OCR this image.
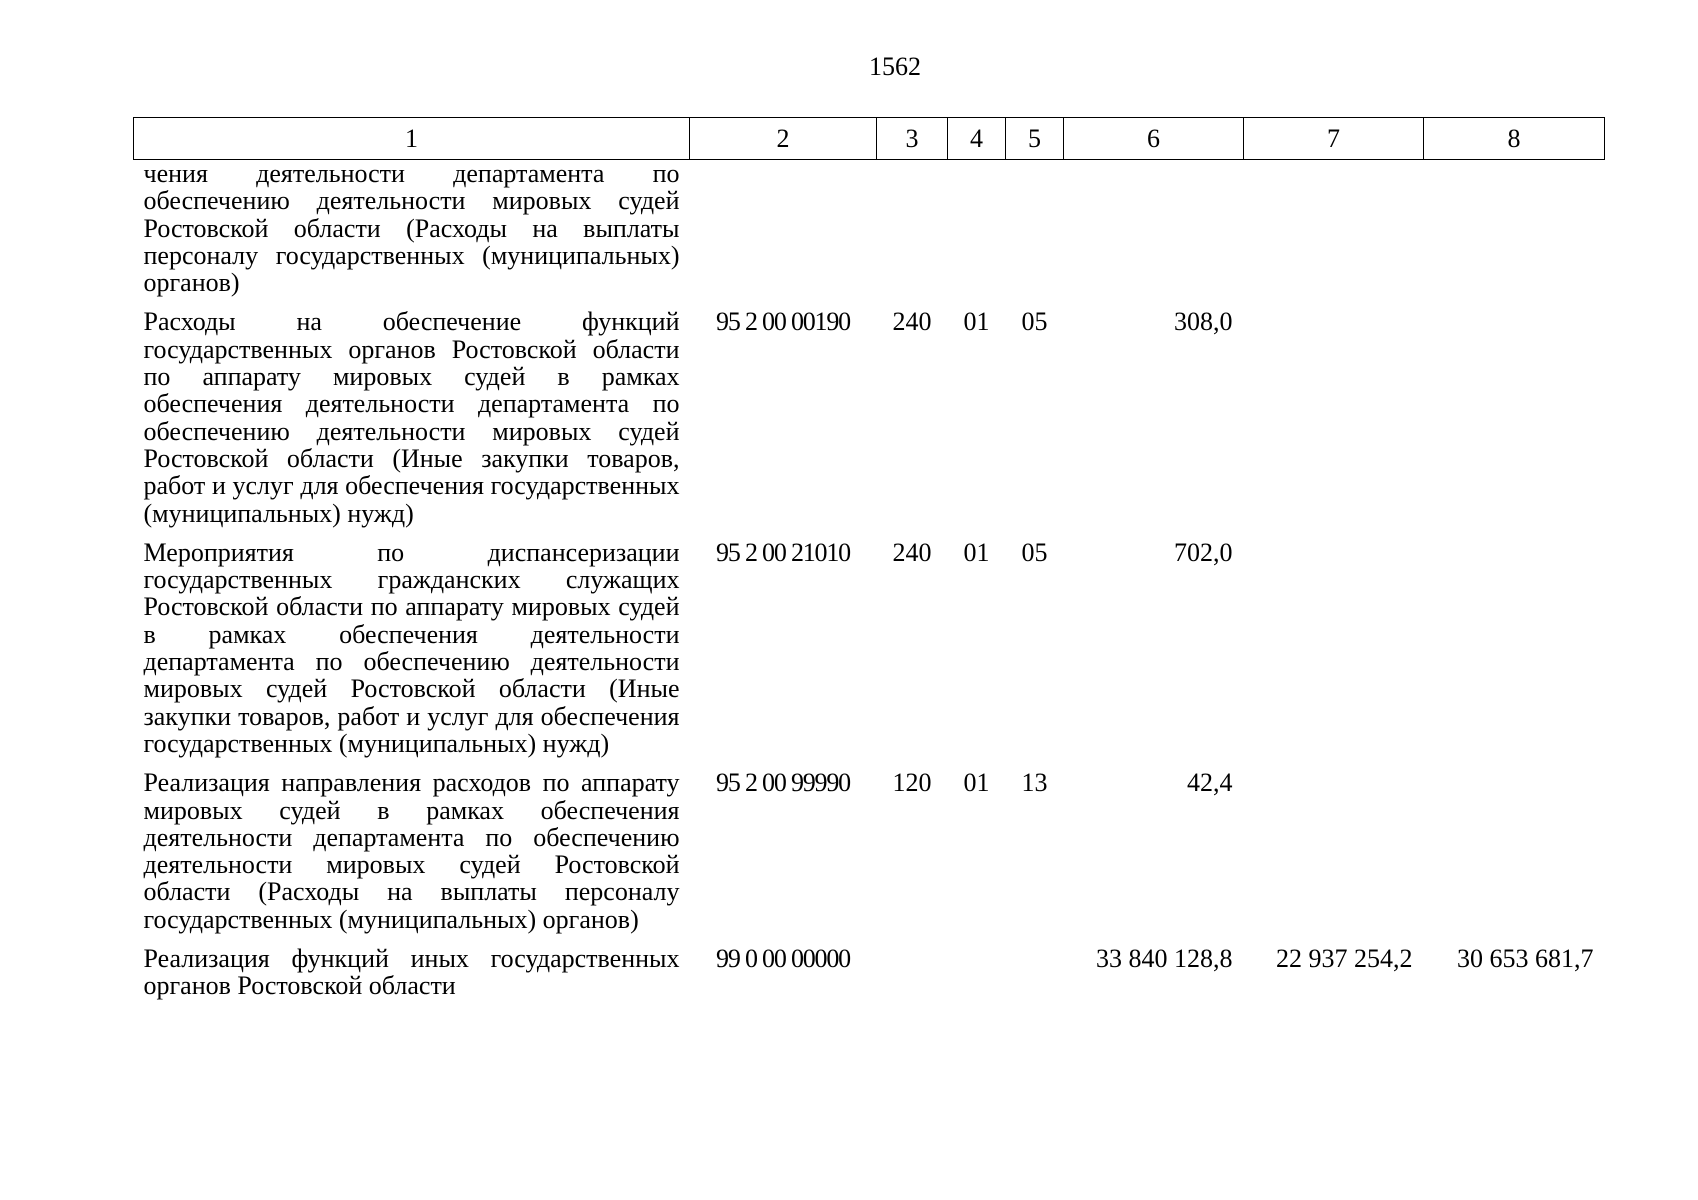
1562
1	2	3	4	5	6	7	8
чения деятельности департамента по обеспечению деятельности мировых судей Ростовской области (Расходы на выплаты персоналу государственных (муниципальных) органов)							
Расходы на обеспечение функций государственных органов Ростовской области по аппарату мировых судей в рамках обеспечения деятельности департамента по обеспечению деятельности мировых судей Ростовской области (Иные закупки товаров, работ и услуг для обеспечения государственных (муниципальных) нужд)	95 2 00 00190	240	01	05	308,0		
Мероприятия по диспансеризации государственных гражданских служащих Ростовской области по аппарату мировых судей в рамках обеспечения деятельности департамента по обеспечению деятельности мировых судей Ростовской области (Иные закупки товаров, работ и услуг для обеспечения государственных (муниципальных) нужд)	95 2 00 21010	240	01	05	702,0		
Реализация направления расходов по аппарату мировых судей в рамках обеспечения деятельности департамента по обеспечению деятельности мировых судей Ростовской области (Расходы на выплаты персоналу государственных (муниципальных) органов)	95 2 00 99990	120	01	13	42,4		
Реализация функций иных государственных органов Ростовской области	99 0 00 00000				33 840 128,8	22 937 254,2	30 653 681,7
